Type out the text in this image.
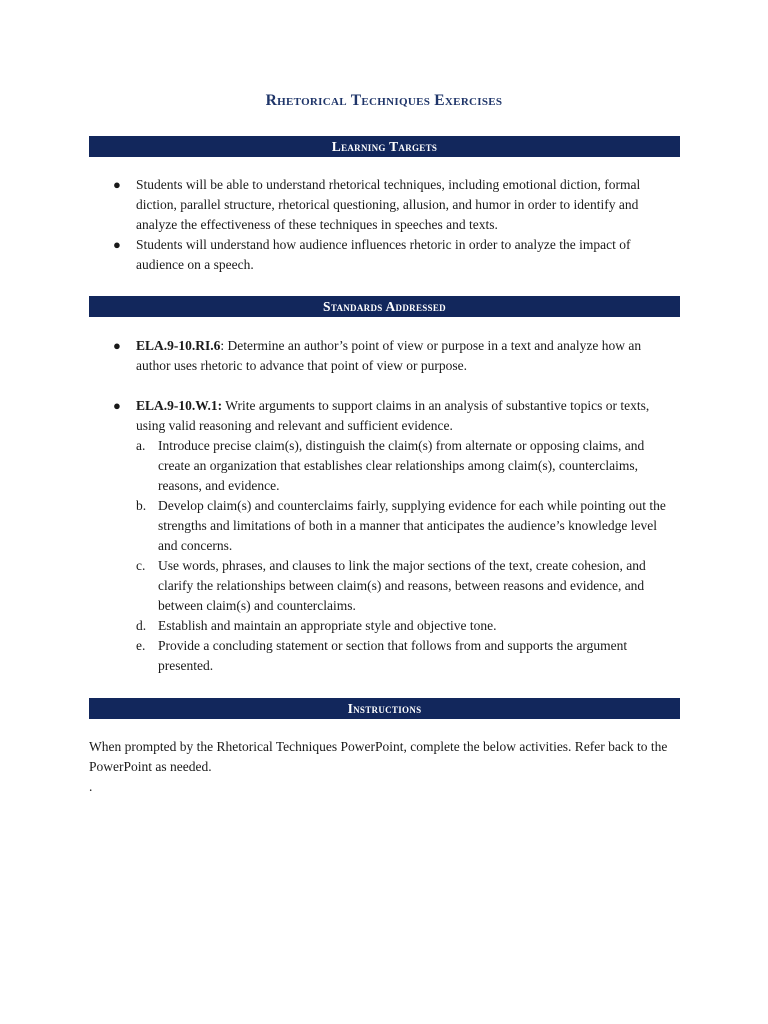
Rhetorical Techniques Exercises
Learning Targets
● Students will be able to understand rhetorical techniques, including emotional diction, formal diction, parallel structure, rhetorical questioning, allusion, and humor in order to identify and analyze the effectiveness of these techniques in speeches and texts.
● Students will understand how audience influences rhetoric in order to analyze the impact of audience on a speech.
Standards Addressed
● ELA.9-10.RI.6: Determine an author’s point of view or purpose in a text and analyze how an author uses rhetoric to advance that point of view or purpose.
● ELA.9-10.W.1: Write arguments to support claims in an analysis of substantive topics or texts, using valid reasoning and relevant and sufficient evidence.
a. Introduce precise claim(s), distinguish the claim(s) from alternate or opposing claims, and create an organization that establishes clear relationships among claim(s), counterclaims, reasons, and evidence.
b. Develop claim(s) and counterclaims fairly, supplying evidence for each while pointing out the strengths and limitations of both in a manner that anticipates the audience’s knowledge level and concerns.
c. Use words, phrases, and clauses to link the major sections of the text, create cohesion, and clarify the relationships between claim(s) and reasons, between reasons and evidence, and between claim(s) and counterclaims.
d. Establish and maintain an appropriate style and objective tone.
e. Provide a concluding statement or section that follows from and supports the argument presented.
Instructions
When prompted by the Rhetorical Techniques PowerPoint, complete the below activities. Refer back to the PowerPoint as needed.
.
